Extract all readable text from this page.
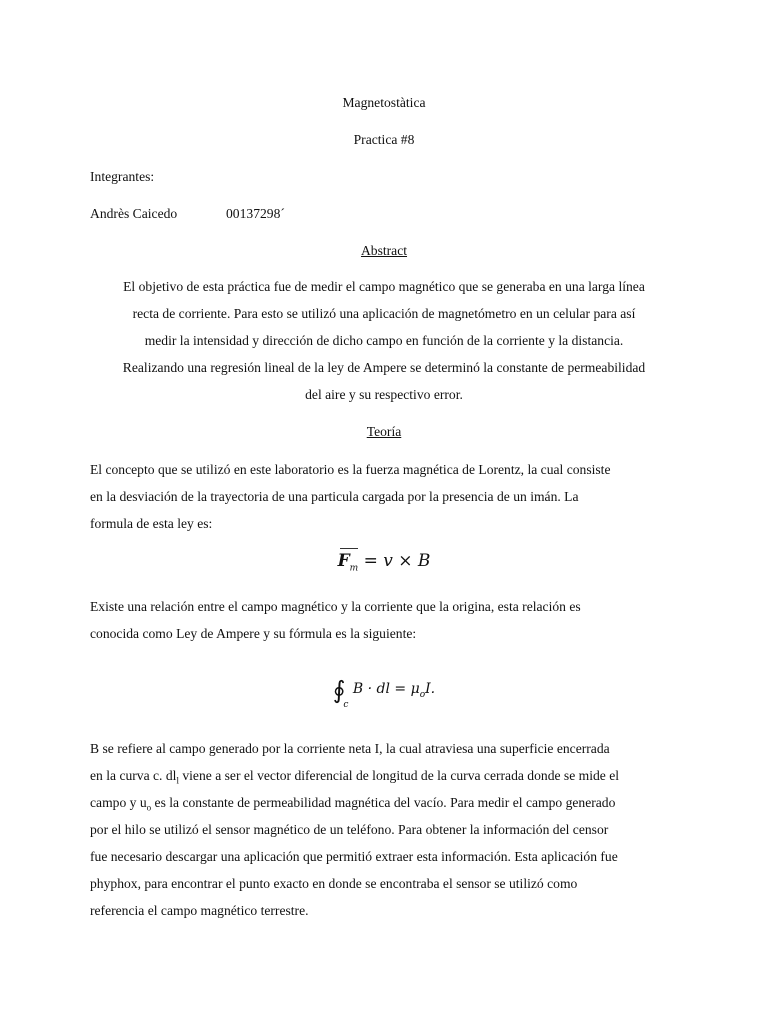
Magnetostàtica
Practica #8
Integrantes:
Andrès Caicedo	00137298´
Abstract
El objetivo de esta práctica fue de medir el campo magnético que se generaba en una larga línea
recta de corriente. Para esto se utilizó una aplicación de magnetómetro en un celular para así
medir la intensidad y dirección de dicho campo en función de la corriente y la distancia.
Realizando una regresión lineal de la ley de Ampere se determinó la constante de permeabilidad
del aire y su respectivo error.
Teoría
El concepto que se utilizó en este laboratorio es la fuerza magnética de Lorentz, la cual consiste
en la desviación de la trayectoria de una particula cargada por la presencia de un imán. La
formula de esta ley es:
$F_m = v \times B$
Existe una relación entre el campo magnético y la corriente que la origina, esta relación es
conocida como Ley de Ampere y su fórmula es la siguiente:
$∮_c$ B · dl = $\mu_oI$.
B se refiere al campo generado por la corriente neta I, la cual atraviesa una superficie encerrada
en la curva c. $dl_l$ viene a ser el vector diferencial de longitud de la curva cerrada donde se mide el
campo y $u_o$ es la constante de permeabilidad magnética del vacío. Para medir el campo generado
por el hilo se utilizó el sensor magnético de un teléfono. Para obtener la información del censor
fue necesario descargar una aplicación que permitió extraer esta información. Esta aplicación fue
phyphox, para encontrar el punto exacto en donde se encontraba el sensor se utilizó como
referencia el campo magnético terrestre.
